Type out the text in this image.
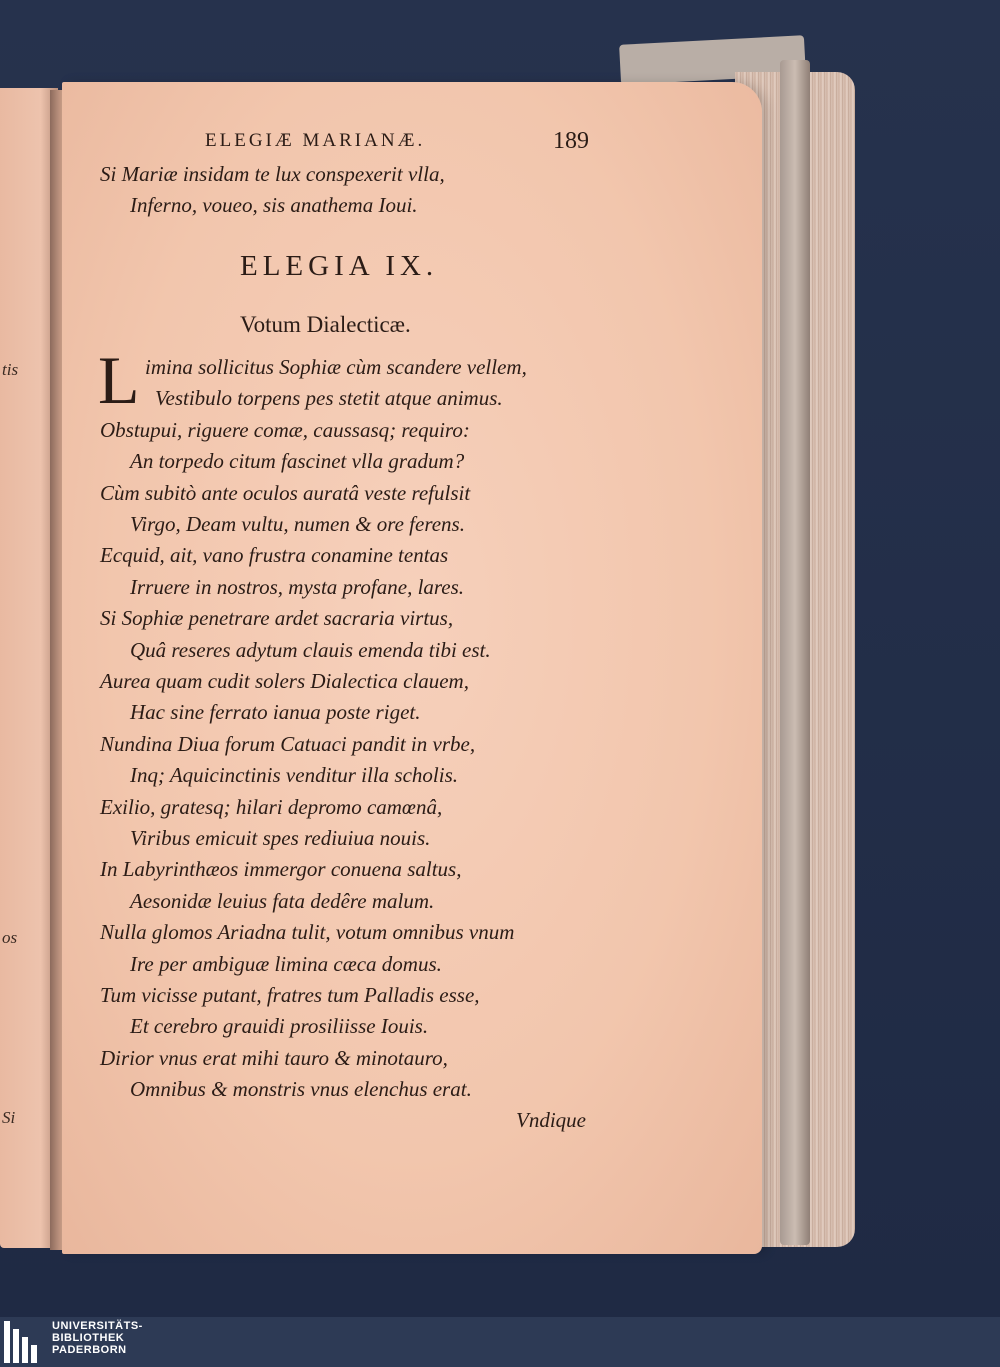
tis
os
Si
ELEGIÆ MARIANÆ.	189
Si Mariæ insidam te lux conspexerit vlla,
Inferno, voueo, sis anathema Ioui.
ELEGIA IX.
Votum Dialecticæ.
L imina sollicitus Sophiæ cùm scandere vellem,
Vestibulo torpens pes stetit atque animus.
Obstupui, riguere comæ, caussasq; requiro:
An torpedo citum fascinet vlla gradum?
Cùm subitò ante oculos auratâ veste refulsit
Virgo, Deam vultu, numen & ore ferens.
Ecquid, ait, vano frustra conamine tentas
Irruere in nostros, mysta profane, lares.
Si Sophiæ penetrare ardet sacraria virtus,
Quâ reseres adytum clauis emenda tibi est.
Aurea quam cudit solers Dialectica clauem,
Hac sine ferrato ianua poste riget.
Nundina Diua forum Catuaci pandit in vrbe,
Inq; Aquicinctinis venditur illa scholis.
Exilio, gratesq; hilari depromo camœnâ,
Viribus emicuit spes rediuiua nouis.
In Labyrinthæos immergor conuena saltus,
Aesonidæ leuius fata dedêre malum.
Nulla glomos Ariadna tulit, votum omnibus vnum
Ire per ambiguæ limina cæca domus.
Tum vicisse putant, fratres tum Palladis esse,
Et cerebro grauidi prosiliisse Iouis.
Dirior vnus erat mihi tauro & minotauro,
Omnibus & monstris vnus elenchus erat.
Vndique
UNIVERSITÄTS-
BIBLIOTHEK
PADERBORN
